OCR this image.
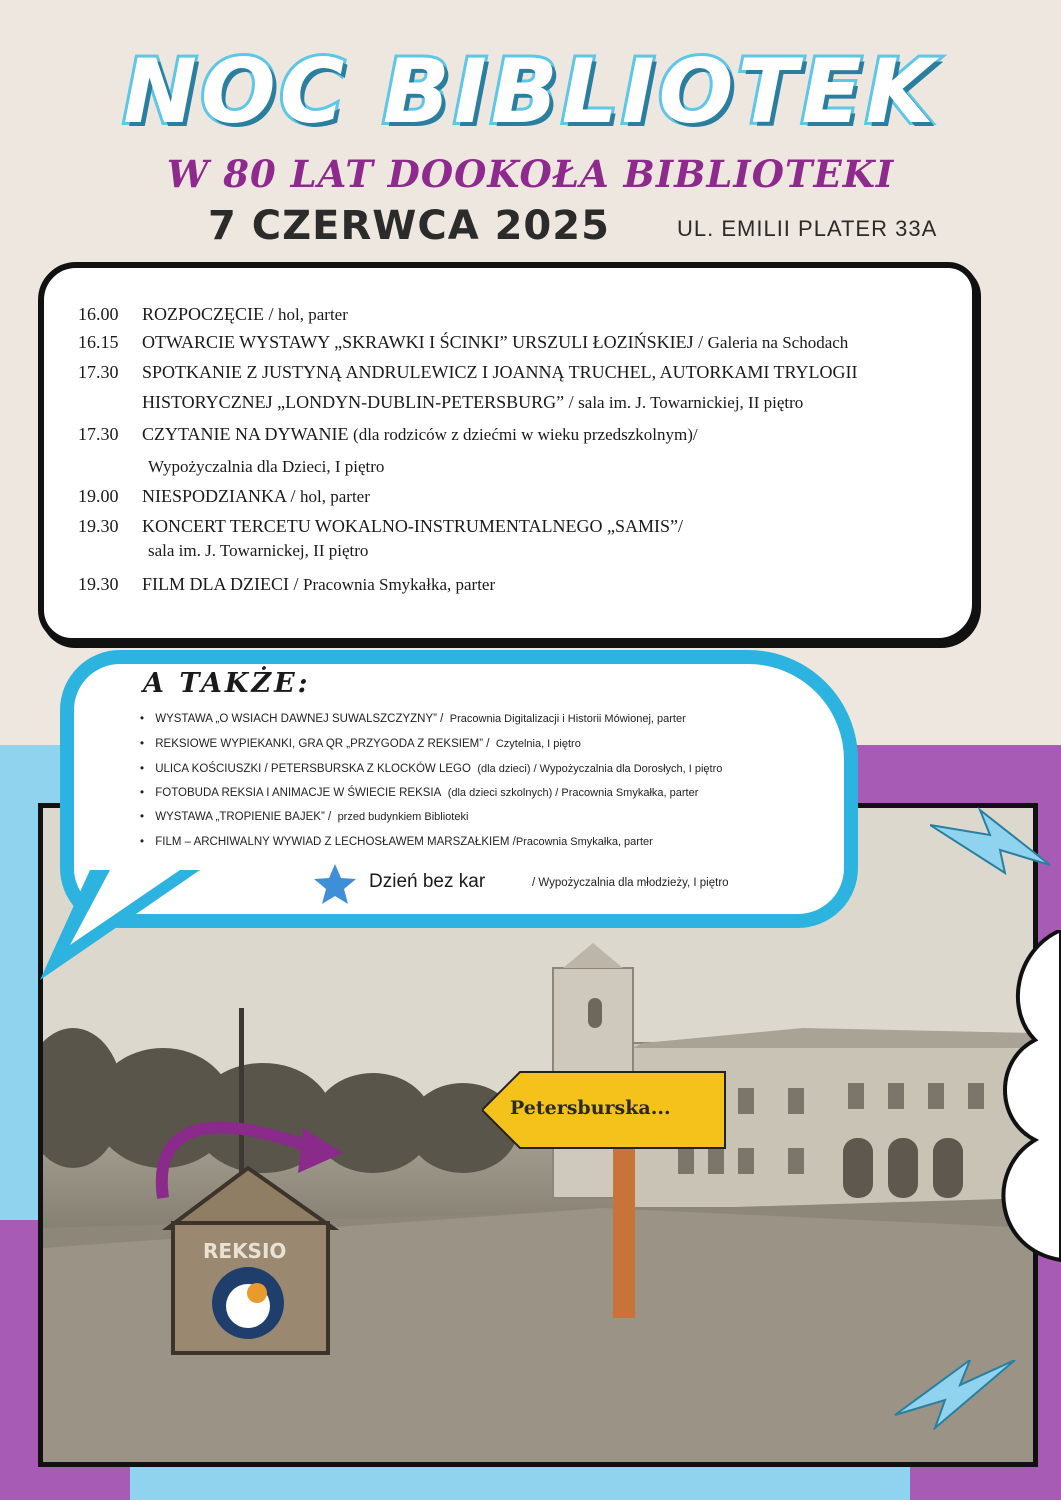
NOC BIBLIOTEK
W 80 LAT DOOKOŁA BIBLIOTEKI
7 CZERWCA 2025	UL. EMILII PLATER 33A
16.00 ROZPOCZĘCIE / hol, parter
16.15 OTWARCIE WYSTAWY „SKRAWKI I ŚCINKI” URSZULI ŁOZIŃSKIEJ / Galeria na Schodach
17.30 SPOTKANIE Z JUSTYNĄ ANDRULEWICZ I JOANNĄ TRUCHEL, AUTORKAMI TRYLOGII
HISTORYCZNEJ „LONDYN-DUBLIN-PETERSBURG” / sala im. J. Towarnickiej, II piętro
17.30 CZYTANIE NA DYWANIE (dla rodziców z dziećmi w wieku przedszkolnym)/
Wypożyczalnia dla Dzieci, I piętro
19.00 NIESPODZIANKA / hol, parter
19.30 KONCERT TERCETU WOKALNO-INSTRUMENTALNEGO „SAMIS”/
sala im. J. Towarnickej, II piętro
19.30 FILM DLA DZIECI / Pracownia Smykałka, parter
REKSIO
Petersburska...
A TAKŻE:
• WYSTAWA „O WSIACH DAWNEJ SUWALSZCZYZNY” / Pracownia Digitalizacji i Historii Mówionej, parter
• REKSIOWE WYPIEKANKI, GRA QR „PRZYGODA Z REKSIEM” / Czytelnia, I piętro
• ULICA KOŚCIUSZKI / PETERSBURSKA Z KLOCKÓW LEGO (dla dzieci) / Wypożyczalnia dla Dorosłych, I piętro
• FOTOBUDA REKSIA I ANIMACJE W ŚWIECIE REKSIA (dla dzieci szkolnych) / Pracownia Smykałka, parter
• WYSTAWA „TROPIENIE BAJEK” / przed budynkiem Biblioteki
• FILM – ARCHIWALNY WYWIAD Z LECHOSŁAWEM MARSZAŁKIEM /Pracownia Smykałka, parter
Dzień bez kar	/ Wypożyczalnia dla młodzieży, I piętro
